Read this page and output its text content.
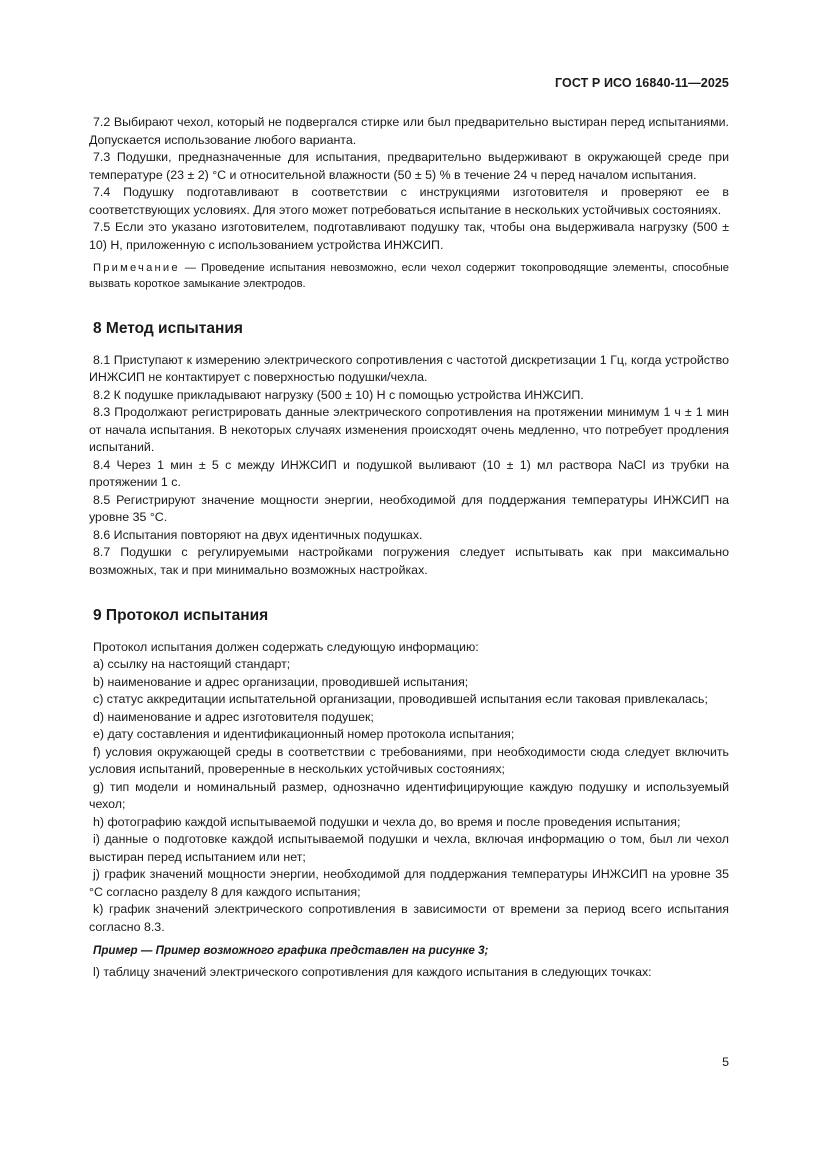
ГОСТ Р ИСО 16840-11—2025

7.2 Выбирают чехол, который не подвергался стирке или был предварительно выстиран перед испытаниями. Допускается использование любого варианта.

7.3 Подушки, предназначенные для испытания, предварительно выдерживают в окружающей среде при температуре (23 ± 2) °C и относительной влажности (50 ± 5) % в течение 24 ч перед началом испытания.

7.4 Подушку подготавливают в соответствии с инструкциями изготовителя и проверяют ее в соответствующих условиях. Для этого может потребоваться испытание в нескольких устойчивых состояниях.

7.5 Если это указано изготовителем, подготавливают подушку так, чтобы она выдерживала нагрузку (500 ± 10) Н, приложенную с использованием устройства ИНЖСИП.

Примечание — Проведение испытания невозможно, если чехол содержит токопроводящие элементы, способные вызвать короткое замыкание электродов.

8 Метод испытания

8.1 Приступают к измерению электрического сопротивления с частотой дискретизации 1 Гц, когда устройство ИНЖСИП не контактирует с поверхностью подушки/чехла.

8.2 К подушке прикладывают нагрузку (500 ± 10) Н с помощью устройства ИНЖСИП.

8.3 Продолжают регистрировать данные электрического сопротивления на протяжении минимум 1 ч ± 1 мин от начала испытания. В некоторых случаях изменения происходят очень медленно, что потребует продления испытаний.

8.4 Через 1 мин ± 5 с между ИНЖСИП и подушкой выливают (10 ± 1) мл раствора NaCl из трубки на протяжении 1 с.

8.5 Регистрируют значение мощности энергии, необходимой для поддержания температуры ИНЖСИП на уровне 35 °C.

8.6 Испытания повторяют на двух идентичных подушках.

8.7 Подушки с регулируемыми настройками погружения следует испытывать как при максимально возможных, так и при минимально возможных настройках.

9 Протокол испытания

Протокол испытания должен содержать следующую информацию:

a) ссылку на настоящий стандарт;

b) наименование и адрес организации, проводившей испытания;

c) статус аккредитации испытательной организации, проводившей испытания если таковая привлекалась;

d) наименование и адрес изготовителя подушек;

e) дату составления и идентификационный номер протокола испытания;

f) условия окружающей среды в соответствии с требованиями, при необходимости сюда следует включить условия испытаний, проверенные в нескольких устойчивых состояниях;

g) тип модели и номинальный размер, однозначно идентифицирующие каждую подушку и используемый чехол;

h) фотографию каждой испытываемой подушки и чехла до, во время и после проведения испытания;

i) данные о подготовке каждой испытываемой подушки и чехла, включая информацию о том, был ли чехол выстиран перед испытанием или нет;

j) график значений мощности энергии, необходимой для поддержания температуры ИНЖСИП на уровне 35 °C согласно разделу 8 для каждого испытания;

k) график значений электрического сопротивления в зависимости от времени за период всего испытания согласно 8.3.

Пример — Пример возможного графика представлен на рисунке 3;

l) таблицу значений электрического сопротивления для каждого испытания в следующих точках:

5
